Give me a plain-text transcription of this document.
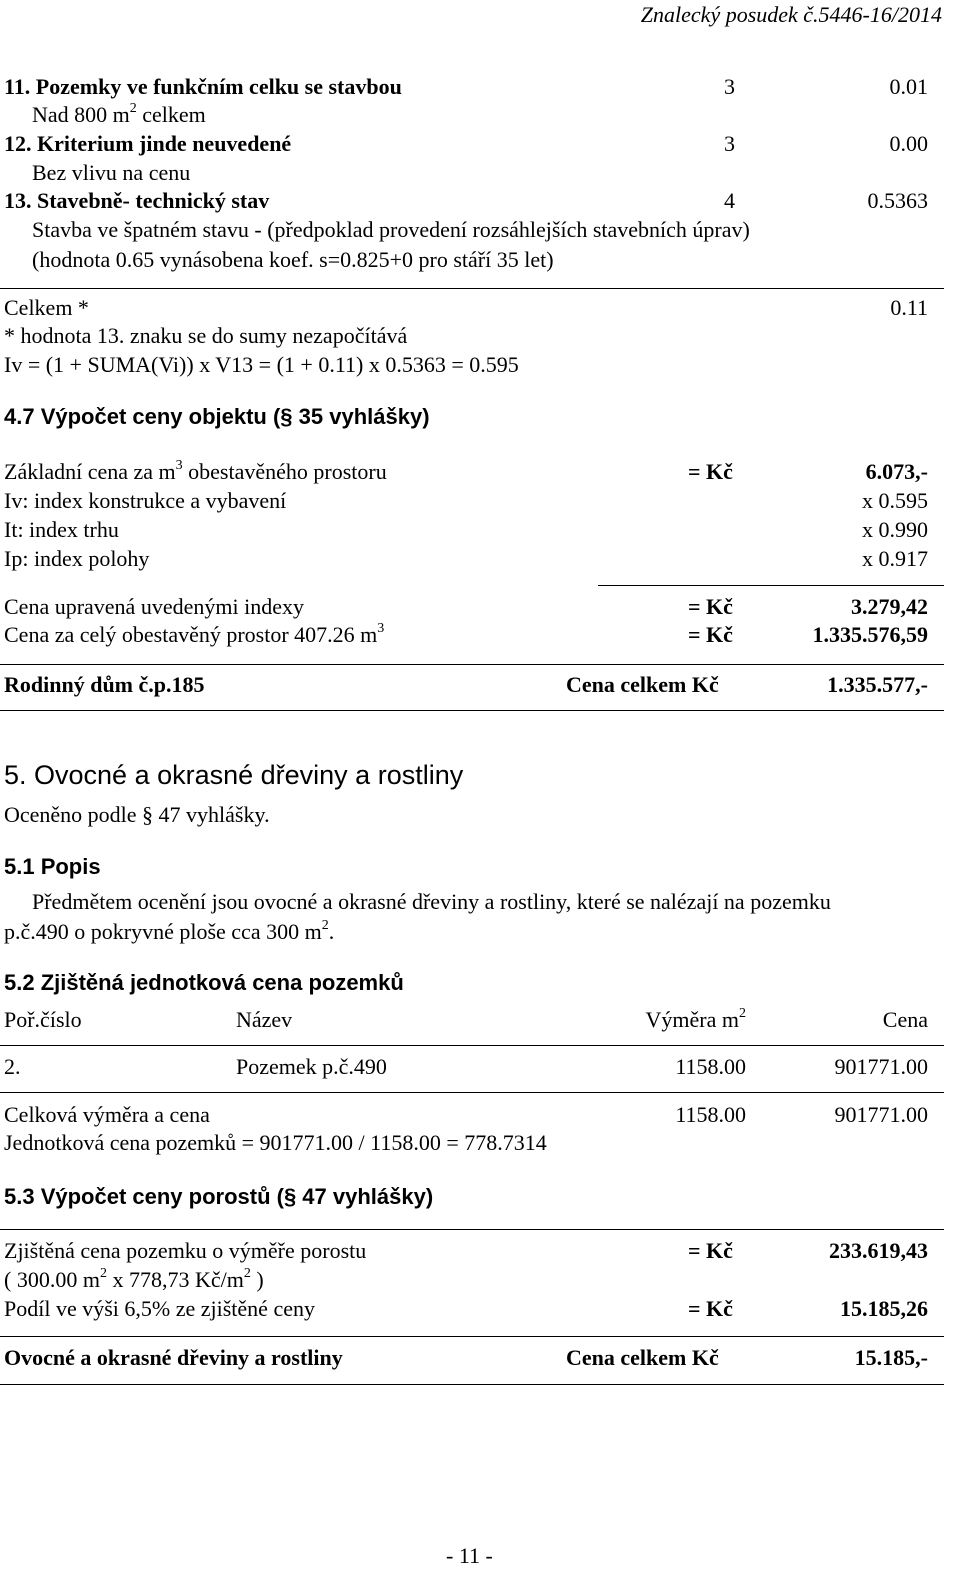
Znalecký posudek č.5446-16/2014
11. Pozemky ve funkčním celku se stavbou	3	0.01
Nad 800 $m^2$ celkem
12. Kriterium jinde neuvedené	3	0.00
Bez vlivu na cenu
13. Stavebně- technický stav	4	0.5363
Stavba ve špatném stavu - (předpoklad provedení rozsáhlejších stavebních úprav)
(hodnota 0.65 vynásobena koef. s=0.825+0 pro stáří 35 let)
Celkem *	0.11
* hodnota 13. znaku se do sumy nezapočítává
Iv = (1 + SUMA(Vi)) x V13 = (1 + 0.11) x 0.5363 = 0.595
4.7 Výpočet ceny objektu (§ 35 vyhlášky)
Základní cena za $m^3$ obestavěného prostoru	= Kč	6.073,-
Iv: index konstrukce a vybavení	x 0.595
It: index trhu	x 0.990
Ip: index polohy	x 0.917
Cena upravená uvedenými indexy	= Kč	3.279,42
Cena za celý obestavěný prostor 407.26 $m^3$	= Kč	1.335.576,59
Rodinný dům č.p.185	Cena celkem Kč	1.335.577,-
5. Ovocné a okrasné dřeviny a rostliny
Oceněno podle § 47 vyhlášky.
5.1 Popis
Předmětem ocenění jsou ovocné a okrasné dřeviny a rostliny, které se nalézají na pozemku
p.č.490 o pokryvné ploše cca 300 $m^2$.
5.2 Zjištěná jednotková cena pozemků
Poř.číslo	Název	Výměra $m^2$	Cena
2.	Pozemek p.č.490	1158.00	901771.00
Celková výměra a cena	1158.00	901771.00
Jednotková cena pozemků = 901771.00 / 1158.00 = 778.7314
5.3 Výpočet ceny porostů (§ 47 vyhlášky)
Zjištěná cena pozemku o výměře porostu	= Kč	233.619,43
( 300.00 $m^2$ x 778,73 $Kč/m^2$ )
Podíl ve výši 6,5% ze zjištěné ceny	= Kč	15.185,26
Ovocné a okrasné dřeviny a rostliny	Cena celkem Kč	15.185,-
- 11 -
